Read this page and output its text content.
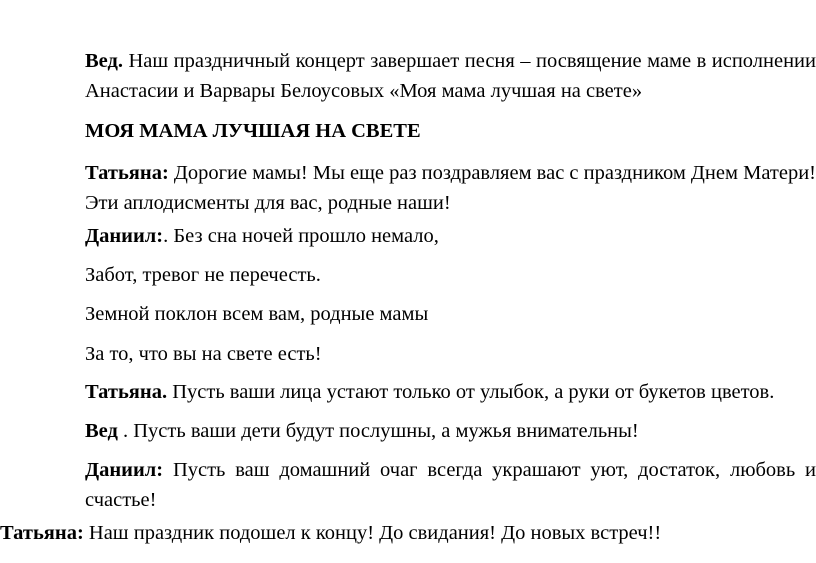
Вед. Наш праздничный концерт завершает песня – посвящение маме в исполнении Анастасии и Варвары Белоусовых «Моя мама лучшая на свете»

МОЯ МАМА ЛУЧШАЯ НА СВЕТЕ

Татьяна: Дорогие мамы! Мы еще раз поздравляем вас с праздником Днем Матери! Эти аплодисменты для вас, родные наши!

Даниил:. Без сна ночей прошло немало,

Забот, тревог не перечесть.

Земной поклон всем вам, родные мамы

За то, что вы на свете есть!

Татьяна. Пусть ваши лица устают только от улыбок, а руки от букетов цветов.

Вед . Пусть ваши дети будут послушны, а мужья внимательны!

Даниил: Пусть ваш домашний очаг всегда украшают уют, достаток, любовь и счастье!

Татьяна: Наш праздник подошел к концу! До свидания! До новых встреч!!
